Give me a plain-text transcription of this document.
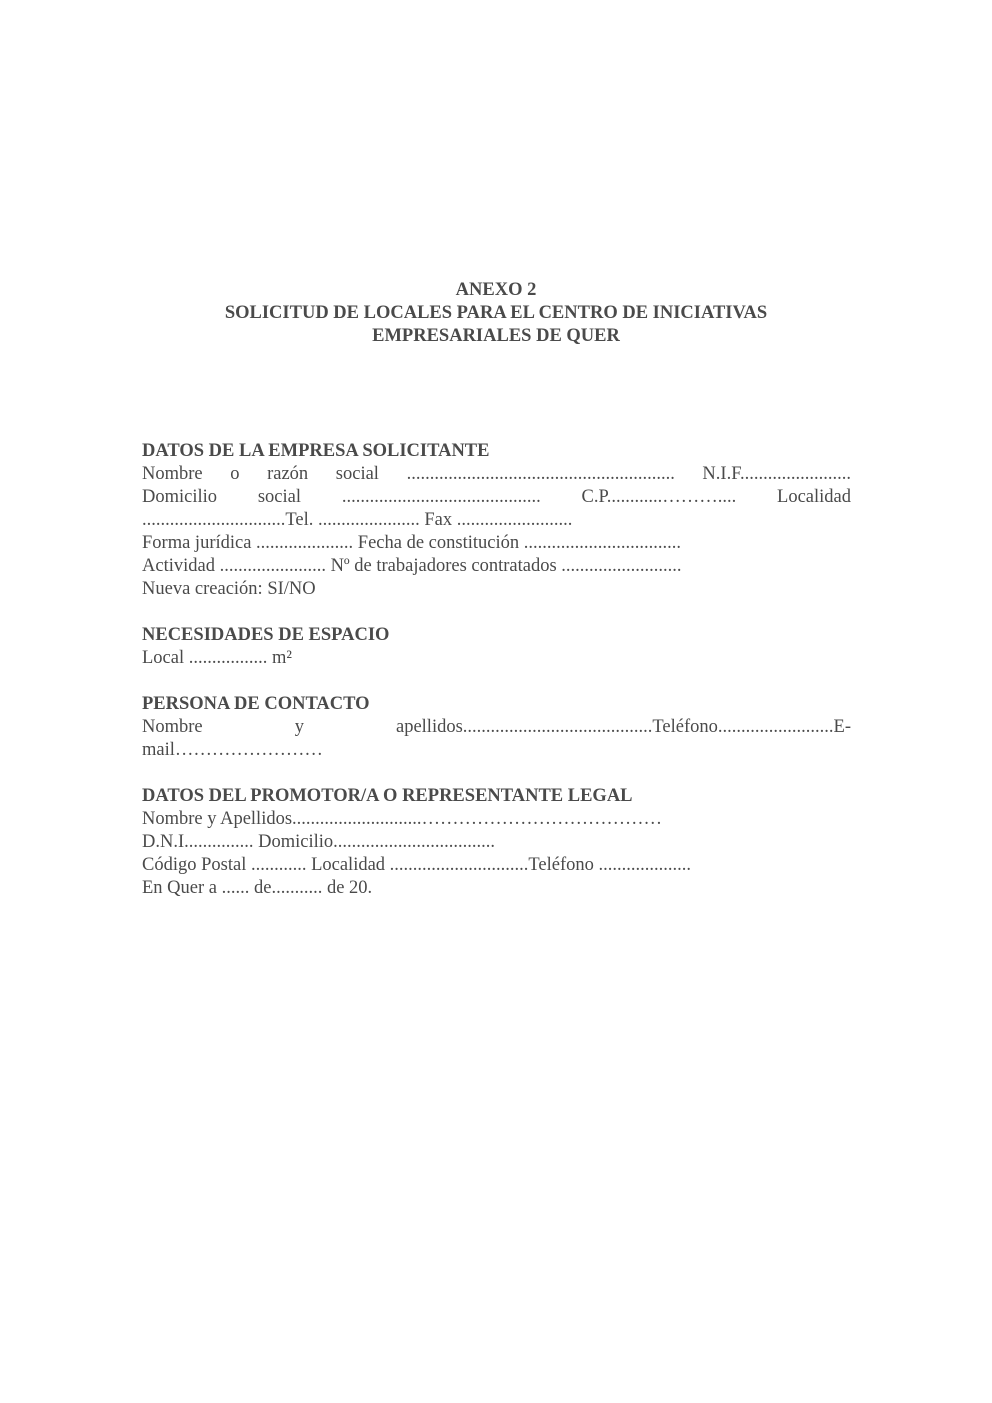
ANEXO 2
SOLICITUD DE LOCALES PARA EL CENTRO DE INICIATIVAS
EMPRESARIALES DE QUER
DATOS DE LA EMPRESA SOLICITANTE
Nombre o razón social .......................................................... N.I.F........................
Domicilio social ........................................... C.P............……….... Localidad
...............................Tel. ...................... Fax .........................
Forma jurídica ..................... Fecha de constitución ..................................
Actividad ....................... Nº de trabajadores contratados ..........................
Nueva creación: SI/NO
NECESIDADES DE ESPACIO
Local ................. m²
PERSONA DE CONTACTO
Nombre	y	apellidos.........................................Teléfono.........................E-
mail……………………
DATOS DEL PROMOTOR/A O REPRESENTANTE LEGAL
Nombre y Apellidos............................…………………………………
D.N.I............... Domicilio...................................
Código Postal ............ Localidad ..............................Teléfono ....................
En Quer a ...... de........... de 20.
